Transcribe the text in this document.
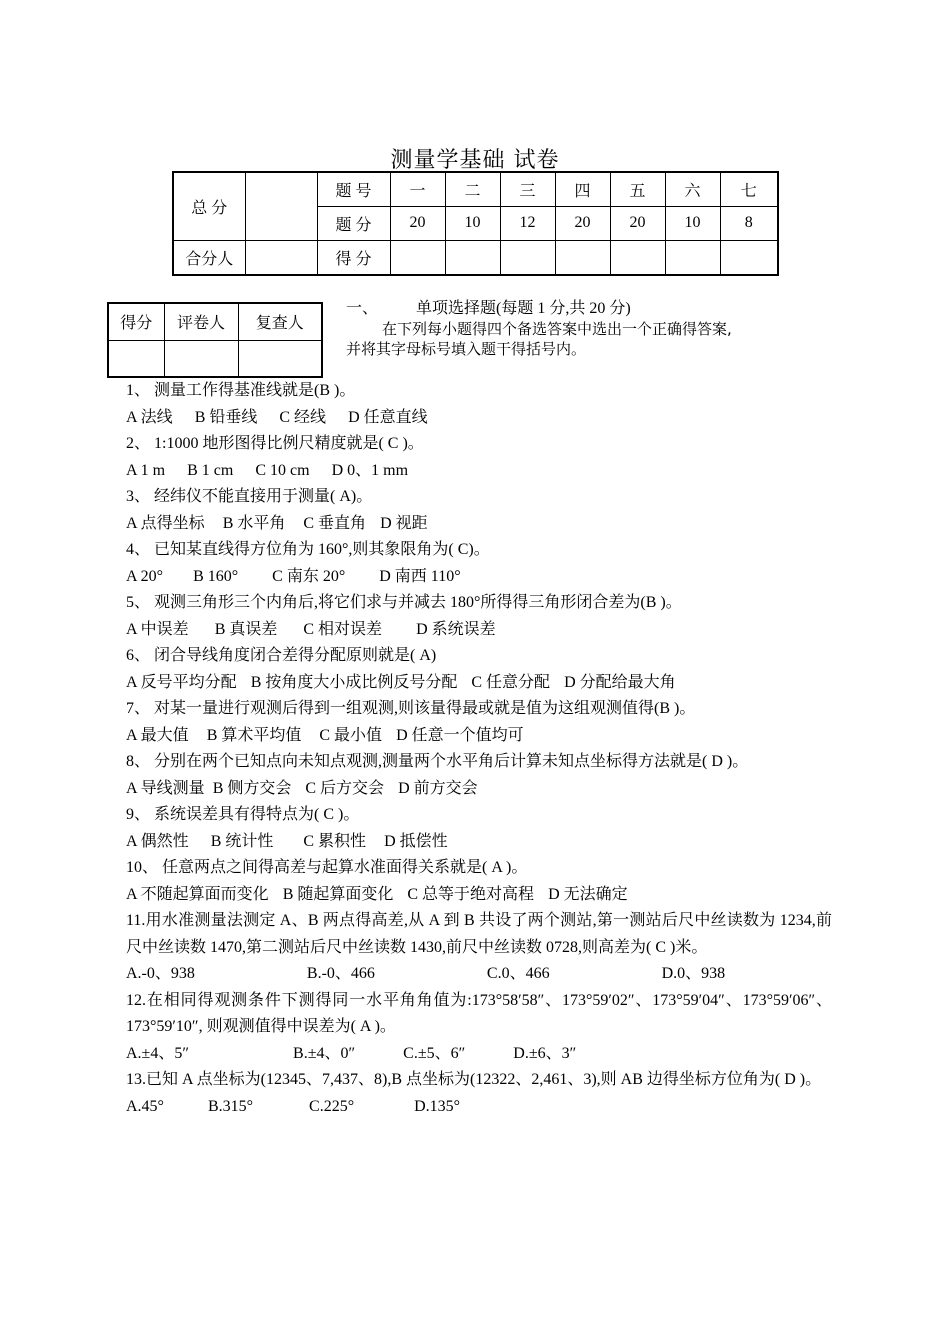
测量学基础 试卷
总 分		题 号	一	二	三	四	五	六	七
		题 分	20	10	12	20	20	10	8
合分人		得 分							
得分	评卷人	复查人

一、 单项选择题(每题 1 分,共 20 分)
在下列每小题得四个备选答案中选出一个正确得答案,
并将其字母标号填入题干得括号内。
1、 测量工作得基准线就是(B )。
A 法线 B 铅垂线 C 经线 D 任意直线
2、 1:1000 地形图得比例尺精度就是( C )。
A 1 m B 1 cm C 10 cm D 0、1 mm
3、 经纬仪不能直接用于测量( A)。
A 点得坐标 B 水平角 C 垂直角 D 视距
4、 已知某直线得方位角为 160°,则其象限角为( C)。
A 20° B 160° C 南东 20° D 南西 110°
5、 观测三角形三个内角后,将它们求与并减去 180°所得得三角形闭合差为(B )。
A 中误差 B 真误差 C 相对误差 D 系统误差
6、 闭合导线角度闭合差得分配原则就是( A)
A 反号平均分配 B 按角度大小成比例反号分配 C 任意分配 D 分配给最大角
7、 对某一量进行观测后得到一组观测,则该量得最或就是值为这组观测值得(B )。
A 最大值 B 算术平均值 C 最小值 D 任意一个值均可
8、 分别在两个已知点向未知点观测,测量两个水平角后计算未知点坐标得方法就是( D )。
A 导线测量 B 侧方交会 C 后方交会 D 前方交会
9、 系统误差具有得特点为( C )。
A 偶然性 B 统计性 C 累积性 D 抵偿性
10、 任意两点之间得高差与起算水准面得关系就是( A )。
A 不随起算面而变化 B 随起算面变化 C 总等于绝对高程 D 无法确定
11.用水准测量法测定 A、B 两点得高差,从 A 到 B 共设了两个测站,第一测站后尺中丝读数为 1234,前尺中丝读数 1470,第二测站后尺中丝读数 1430,前尺中丝读数 0728,则高差为( C )米。
A.-0、938	B.-0、466	C.0、466	D.0、938
12.在相同得观测条件下测得同一水平角角值为:173°58′58″、173°59′02″、173°59′04″、173°59′06″、173°59′10″, 则观测值得中误差为( A )。
A.±4、5″	B.±4、0″	C.±5、6″	D.±6、3″
13.已知 A 点坐标为(12345、7,437、8),B 点坐标为(12322、2,461、3),则 AB 边得坐标方位角为( D )。
A.45°	B.315°	C.225°	D.135°
